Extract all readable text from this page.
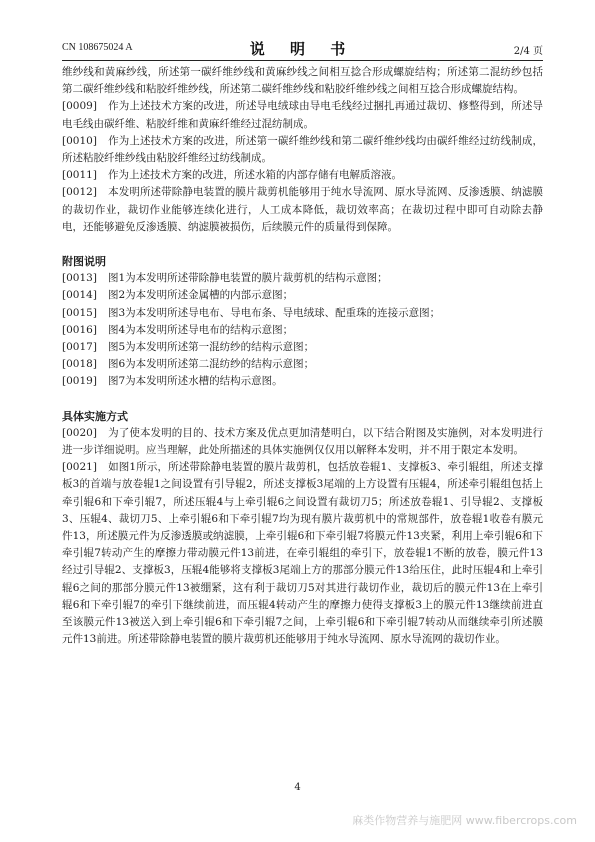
CN 108675024 A	说 明 书	2/4 页

维纱线和黄麻纱线，所述第一碳纤维纱线和黄麻纱线之间相互捻合形成螺旋结构；所述第二混纺纱包括第二碳纤维纱线和粘胶纤维纱线，所述第二碳纤维纱线和粘胶纤维纱线之间相互捻合形成螺旋结构。

[0009] 作为上述技术方案的改进，所述导电绒球由导电毛线经过捆扎再通过裁切、修整得到，所述导电毛线由碳纤维、粘胶纤维和黄麻纤维经过混纺制成。

[0010] 作为上述技术方案的改进，所述第一碳纤维纱线和第二碳纤维纱线均由碳纤维经过纺线制成，所述粘胶纤维纱线由粘胶纤维经过纺线制成。

[0011] 作为上述技术方案的改进，所述水箱的内部存储有电解质溶液。

[0012] 本发明所述带除静电装置的膜片裁剪机能够用于纯水导流网、原水导流网、反渗透膜、纳滤膜的裁切作业，裁切作业能够连续化进行，人工成本降低，裁切效率高；在裁切过程中即可自动除去静电，还能够避免反渗透膜、纳滤膜被损伤，后续膜元件的质量得到保障。

附图说明

[0013] 图1为本发明所述带除静电装置的膜片裁剪机的结构示意图；

[0014] 图2为本发明所述金属槽的内部示意图；

[0015] 图3为本发明所述导电布、导电布条、导电绒球、配重珠的连接示意图；

[0016] 图4为本发明所述导电布的结构示意图；

[0017] 图5为本发明所述第一混纺纱的结构示意图；

[0018] 图6为本发明所述第二混纺纱的结构示意图；

[0019] 图7为本发明所述水槽的结构示意图。

具体实施方式

[0020] 为了使本发明的目的、技术方案及优点更加清楚明白，以下结合附图及实施例，对本发明进行进一步详细说明。应当理解，此处所描述的具体实施例仅仅用以解释本发明，并不用于限定本发明。

[0021] 如图1所示，所述带除静电装置的膜片裁剪机，包括放卷辊1、支撑板3、牵引辊组，所述支撑板3的首端与放卷辊1之间设置有引导辊2，所述支撑板3尾端的上方设置有压辊4，所述牵引辊组包括上牵引辊6和下牵引辊7，所述压辊4与上牵引辊6之间设置有裁切刀5；所述放卷辊1、引导辊2、支撑板3、压辊4、裁切刀5、上牵引辊6和下牵引辊7均为现有膜片裁剪机中的常规部件，放卷辊1收卷有膜元件13，所述膜元件为反渗透膜或纳滤膜，上牵引辊6和下牵引辊7将膜元件13夹紧，利用上牵引辊6和下牵引辊7转动产生的摩擦力带动膜元件13前进，在牵引辊组的牵引下，放卷辊1不断的放卷，膜元件13经过引导辊2、支撑板3，压辊4能够将支撑板3尾端上方的那部分膜元件13给压住，此时压辊4和上牵引辊6之间的那部分膜元件13被绷紧，这有利于裁切刀5对其进行裁切作业，裁切后的膜元件13在上牵引辊6和下牵引辊7的牵引下继续前进，而压辊4转动产生的摩擦力使得支撑板3上的膜元件13继续前进直至该膜元件13被送入到上牵引辊6和下牵引辊7之间，上牵引辊6和下牵引辊7转动从而继续牵引所述膜元件13前进。所述带除静电装置的膜片裁剪机还能够用于纯水导流网、原水导流网的裁切作业。

4
麻类作物营养与施肥网 www.fibercrops.com
